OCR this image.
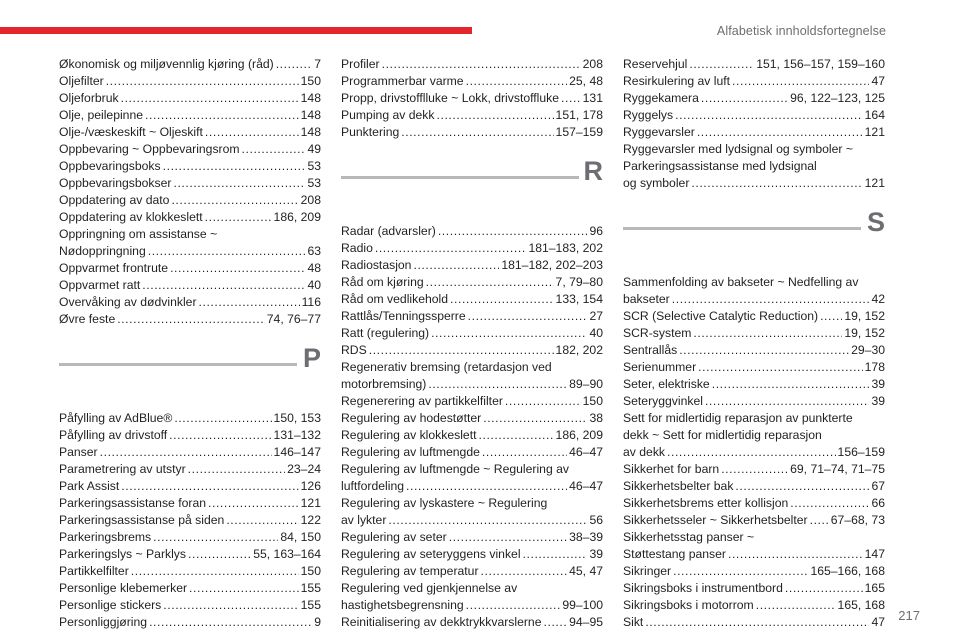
Alfabetisk innholdsfortegnelse
Økonomisk og miljøvennlig kjøring (råd) . . .	7
Oljefilter . . .	150
Oljeforbruk . . .	148
Olje, peilepinne . . .	148
Olje-/væskeskift ~ Oljeskift . . .	148
Oppbevaring ~ Oppbevaringsrom . . .	49
Oppbevaringsboks . . .	53
Oppbevaringsbokser . . .	53
Oppdatering av dato . . .	208
Oppdatering av klokkeslett . . .	186, 209
Oppringning om assistanse ~
Nødoppringning . . .	63
Oppvarmet frontrute . . .	48
Oppvarmet ratt . . .	40
Overvåking av dødvinkler . . .	116
Øvre feste . . .	74, 76–77
P
Påfylling av AdBlue® . . .	150, 153
Påfylling av drivstoff . . .	131–132
Panser . . .	146–147
Parametrering av utstyr . . .	23–24
Park Assist . . .	126
Parkeringsassistanse foran . . .	121
Parkeringsassistanse på siden . . .	122
Parkeringsbrems . . .	84, 150
Parkeringslys ~ Parklys . . .	55, 163–164
Partikkelfilter . . .	150
Personlige klebemerker . . .	155
Personlige stickers . . .	155
Personliggjøring . . .	9
Profiler . . .	208
Programmerbar varme . . .	25, 48
Propp, drivstofflluke ~ Lokk, drivstoffluke . . . 131
Pumping av dekk . . .	151, 178
Punktering . . .	157–159
R
Radar (advarsler) . . .	96
Radio . . .	181–183, 202
Radiostasjon . . .	181–182, 202–203
Råd om kjøring . . .	7, 79–80
Råd om vedlikehold . . .	133, 154
Rattlås/Tenningssperre . . .	27
Ratt (regulering) . . .	40
RDS . . .	182, 202
Regenerativ bremsing (retardasjon ved
motorbremsing) . . .	89–90
Regenerering av partikkelfilter . . .	150
Regulering av hodestøtter . . .	38
Regulering av klokkeslett . . .	186, 209
Regulering av luftmengde . . .	46–47
Regulering av luftmengde ~ Regulering av
luftfordeling . . .	46–47
Regulering av lyskastere ~ Regulering
av lykter . . .	56
Regulering av seter . . .	38–39
Regulering av seteryggens vinkel . . .	39
Regulering av temperatur . . .	45, 47
Regulering ved gjenkjennelse av
hastighetsbegrensning . . .	99–100
Reinitialisering av dekktrykkvarslerne . . . 94–95
Reservehjul . . .	151, 156–157, 159–160
Resirkulering av luft . . .	47
Ryggekamera . . .	96, 122–123, 125
Ryggelys . . .	164
Ryggevarsler . . .	121
Ryggevarsler med lydsignal og symboler ~
Parkeringsassistanse med lydsignal
og symboler . . .	121
S
Sammenfolding av bakseter ~ Nedfelling av
bakseter . . .	42
SCR (Selective Catalytic Reduction) . . . 19, 152
SCR-system . . .	19, 152
Sentrallås . . .	29–30
Serienummer . . .	178
Seter, elektriske . . .	39
Seteryggvinkel . . .	39
Sett for midlertidig reparasjon av punkterte
dekk ~ Sett for midlertidig reparasjon
av dekk . . .	156–159
Sikkerhet for barn . . .	69, 71–74, 71–75
Sikkerhetsbelter bak . . .	67
Sikkerhetsbrems etter kollisjon . . .	66
Sikkerhetsseler ~ Sikkerhetsbelter . . . 67–68, 73
Sikkerhetsstag panser ~
Støttestang panser . . .	147
Sikringer . . .	165–166, 168
Sikringsboks i instrumentbord . . .	165
Sikringsboks i motorrom . . .	165, 168
Sikt . . .	47 217
